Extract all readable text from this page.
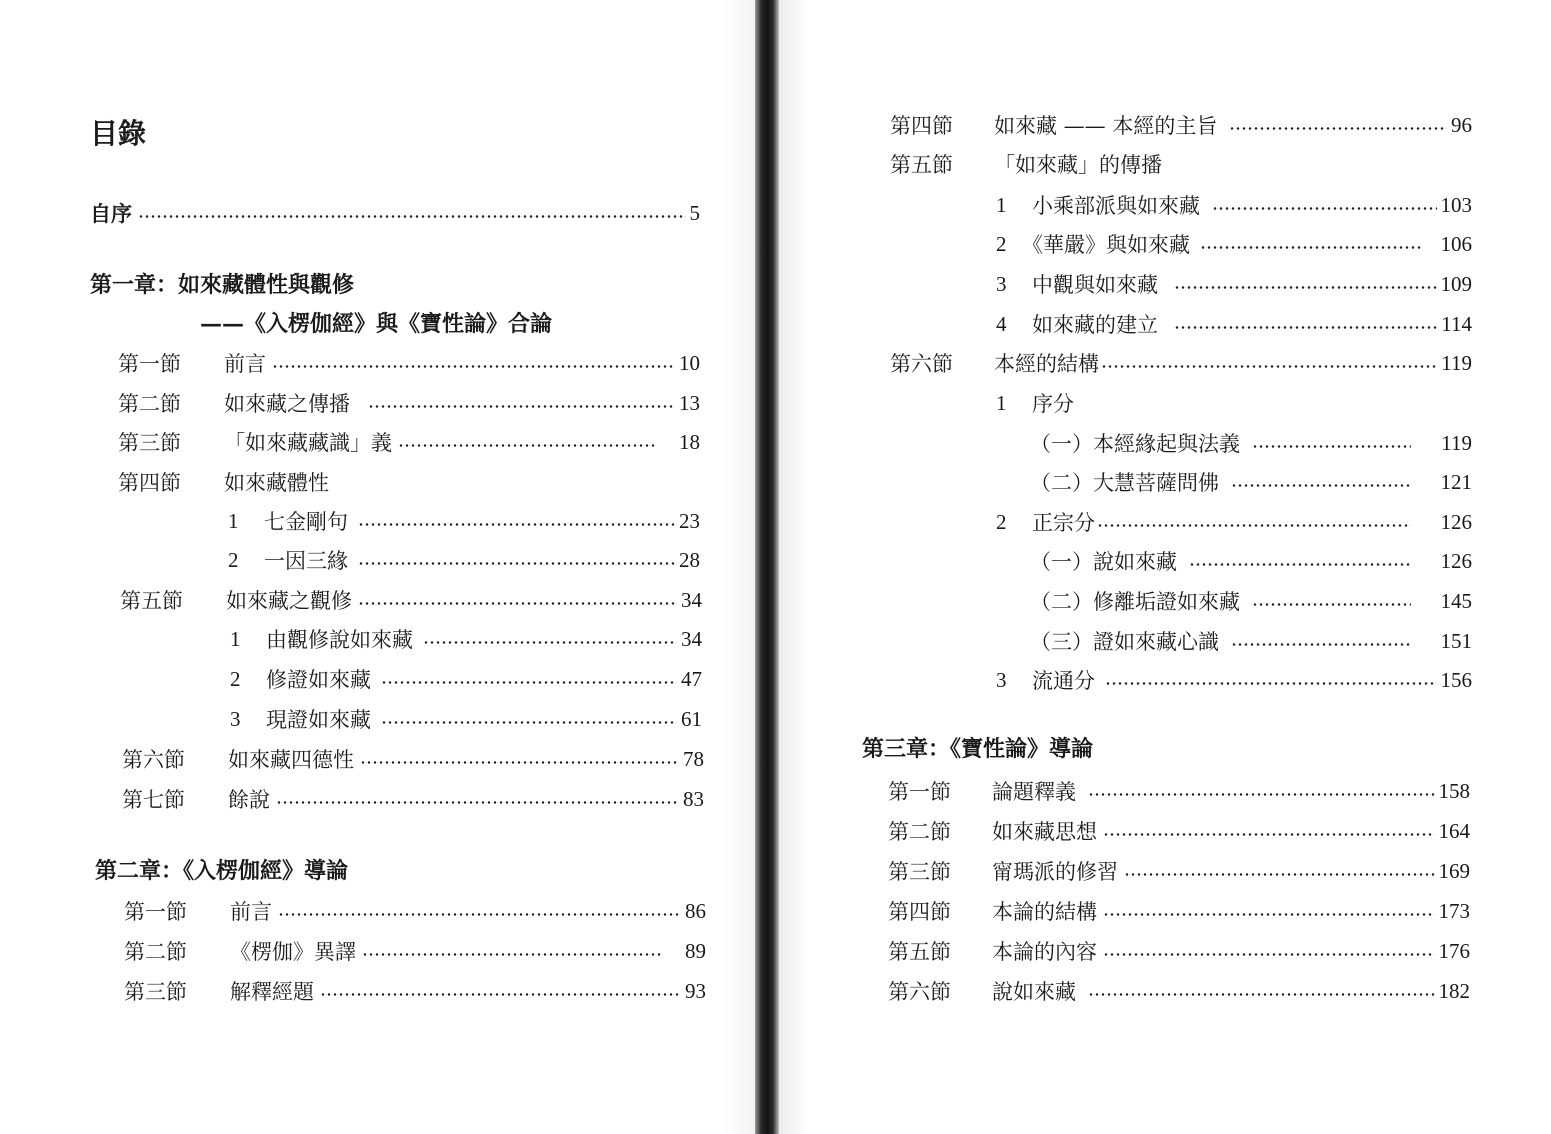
目錄
自序	5
第一章：如來藏體性與觀修
——《入楞伽經》與《寶性論》合論
第一節	前言	10
第二節	如來藏之傳播	13
第三節	「如來藏藏識」義	18
第四節	如來藏體性
1	七金剛句	23
2	一因三緣	28
第五節	如來藏之觀修	34
1	由觀修說如來藏	34
2	修證如來藏	47
3	現證如來藏	61
第六節	如來藏四德性	78
第七節	餘說	83
第二章：《入楞伽經》導論
第一節	前言	86
第二節	《楞伽》異譯	89
第三節	解釋經題	93
第四節	如來藏 —— 本經的主旨	96
第五節	「如來藏」的傳播
1	小乘部派與如來藏	103
2 《華嚴》與如來藏	106
3	中觀與如來藏	109
4	如來藏的建立	114
第六節	本經的結構	119
1	序分
（一）本經緣起與法義	119
（二）大慧菩薩問佛	121
2	正宗分	126
（一）說如來藏	126
（二）修離垢證如來藏	145
（三）證如來藏心識	151
3	流通分	156
第三章：《寶性論》導論
第一節	論題釋義	158
第二節	如來藏思想	164
第三節	甯瑪派的修習	169
第四節	本論的結構	173
第五節	本論的內容	176
第六節	說如來藏	182
